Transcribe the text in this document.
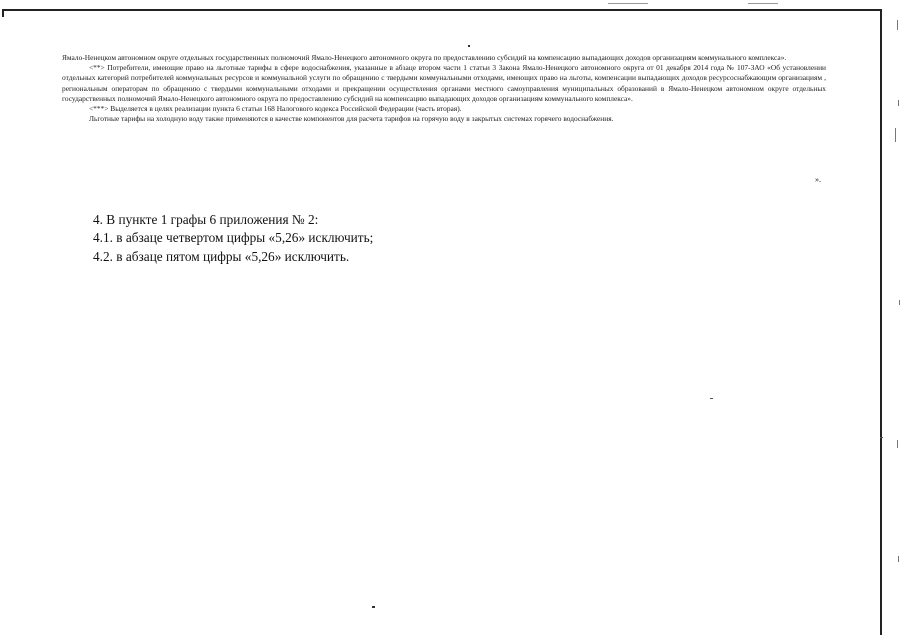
Ямало-Ненецком автономном округе отдельных государственных полномочий Ямало-Ненецкого автономного округа по предоставлению субсидий на компенсацию выпадающих доходов организациям коммунального комплекса».

<**> Потребители, имеющие право на льготные тарифы в сфере водоснабжения, указанные в абзаце втором части 1 статьи 3 Закона Ямало-Ненецкого автономного округа от 01 декабря 2014 года № 107-ЗАО «Об установлении отдельных категорий потребителей коммунальных ресурсов и коммунальной услуги по обращению с твердыми коммунальными отходами, имеющих право на льготы, компенсации выпадающих доходов ресурсоснабжающим организациям , региональным операторам по обращению с твердыми коммунальными отходами и прекращении осуществления органами местного самоуправления муниципальных образований в Ямало-Ненецком автономном округе отдельных государственных полномочий Ямало-Ненецкого автономного округа по предоставлению субсидий на компенсацию выпадающих доходов организациям коммунального комплекса».

<***> Выделяется в целях реализации пункта 6 статьи 168 Налогового кодекса Российской Федерации (часть вторая).

Льготные тарифы на холодную воду также применяются в качестве компонентов для расчета тарифов на горячую воду в закрытых системах горячего водоснабжения.

».
4. В пункте 1 графы 6 приложения № 2:
4.1. в абзаце четвертом цифры «5,26» исключить;
4.2. в абзаце пятом цифры «5,26» исключить.
